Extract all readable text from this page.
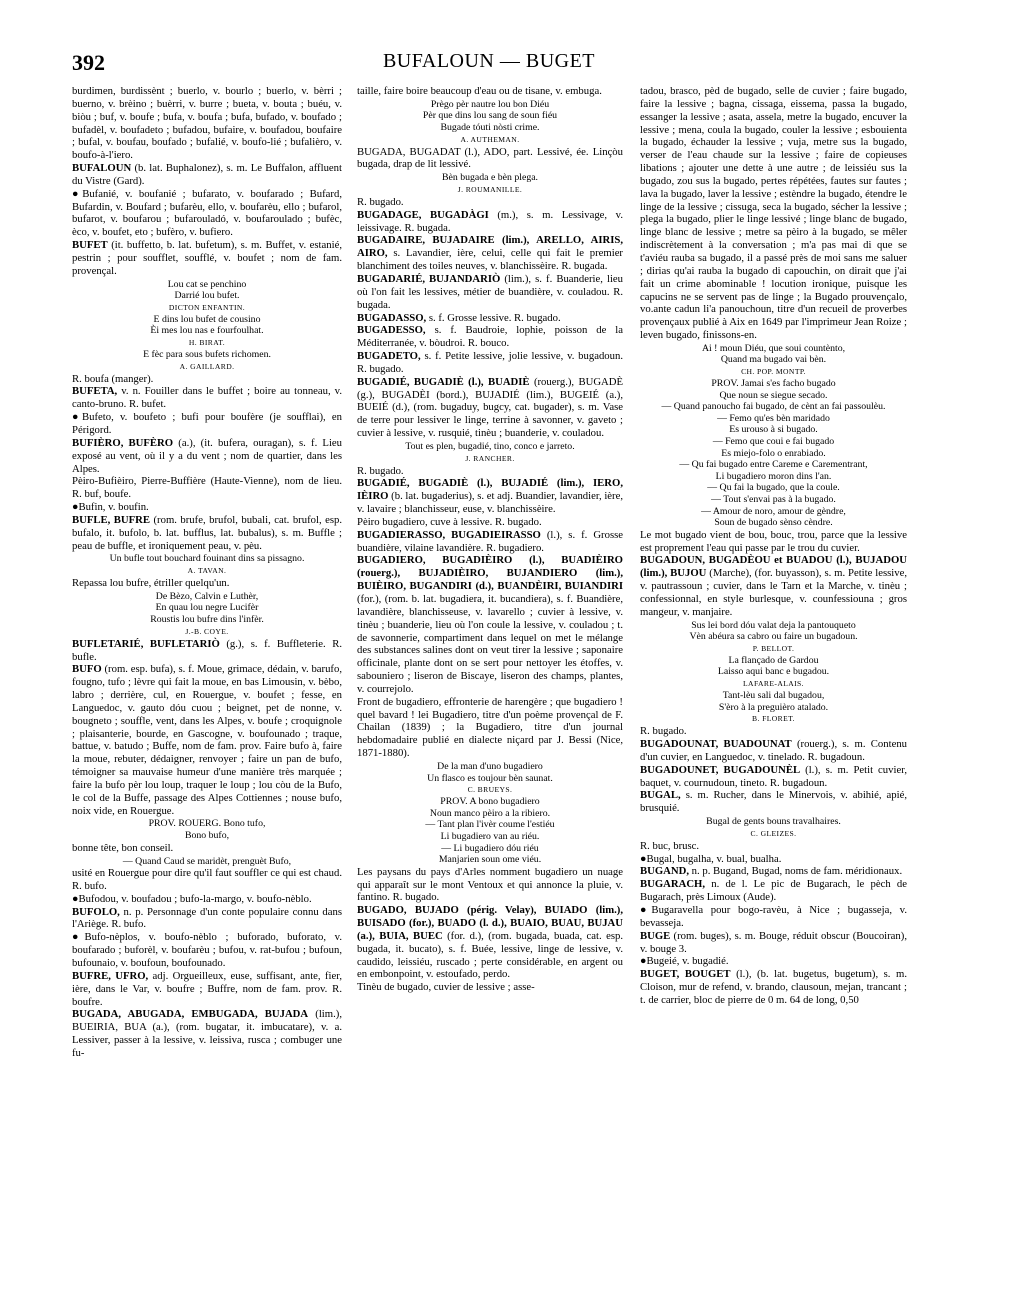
392	BUFALOUN — BUGET

burdimen, burdissènt ; buerlo, v. bourlo ; buerlo, v. bèrri ; buerno, v. brèino ; buèrri, v. burre ; bueta, v. bouta ; buéu, v. biòu ; buf, v. boufe ; bufa, v. boufa ; bufa, bufado, v. boufado ; bufadèl, v. boufadeto ; bufadou, bufaire, v. boufadou, boufaire ; bufal, v. boufau, boufado ; bufalié, v. boufo-lié ; bufalièro, v. boufo-à-l'iero.

BUFALOUN (b. lat. Buphalonez), s. m. Le Buffalon, affluent du Vistre (Gard).

●Bufanié, v. boufanié ; bufarato, v. boufarado ; Bufard, Bufardin, v. Boufard ; bufarèu, ello, v. boufarèu, ello ; bufarol, bufarot, v. boufarou ; bufarouladó, v. boufaroulado ; bufèc, èco, v. boufet, eto ; bufèro, v. bufiero.

BUFET (it. buffetto, b. lat. bufetum), s. m. Buffet, v. estanié, pestrin ; pour soufflet, soufflé, v. boufet ; nom de fam. provençal.

Lou cat se penchino
Darrié lou bufet.
DICTON ENFANTIN.
E dins lou bufet de cousino
Èi mes lou nas e fourfoulhat.
H. BIRAT.
E fèc para sous bufets richomen.
A. GAILLARD.

R. boufa (manger).

BUFETA, v. n. Fouiller dans le buffet ; boire au tonneau, v. canto-bruno. R. bufet.

●Bufeto, v. boufeto ; bufi pour boufère (je soufflai), en Périgord.

BUFIÈRO, BUFÈRO (a.), (it. bufera, ouragan), s. f. Lieu exposé au vent, où il y a du vent ; nom de quartier, dans les Alpes.

Pèiro-Bufièiro, Pierre-Buffière (Haute-Vienne), nom de lieu. R. buf, boufe.

●Bufin, v. boufin.

BUFLE, BUFRE (rom. brufe, brufol, bubali, cat. brufol, esp. bufalo, it. bufolo, b. lat. bufflus, lat. bubalus), s. m. Buffle ; peau de buffle, et ironiquement peau, v. pèu.

Un bufle tout bouchard fouinant dins sa pissagno.
A. TAVAN.

Repassa lou bufre, étriller quelqu'un.

De Bèzo, Calvin e Luthèr,
En quau lou negre Lucifèr
Roustis lou bufre dins l'infèr.
J.-B. COYE.

BUFLETARIÉ, BUFLETARIÒ (g.), s. f. Buffleterie. R. bufle.

BUFO (rom. esp. bufa), s. f. Moue, grimace, dédain, v. barufo, fougno, tufo ; lèvre qui fait la moue, en bas Limousin, v. bèbo, labro ; derrière, cul, en Rouergue, v. boufet ; fesse, en Languedoc, v. gauto dóu cuou ; beignet, pet de nonne, v. bougneto ; souffle, vent, dans les Alpes, v. boufe ; croquignole ; plaisanterie, bourde, en Gascogne, v. boufounado ; traque, battue, v. batudo ; Buffe, nom de fam. prov. Faire bufo à, faire la moue, rebuter, dédaigner, renvoyer ; faire un pan de bufo, témoigner sa mauvaise humeur d'une manière très marquée ; faire la bufo pèr lou loup, traquer le loup ; lou còu de la Bufo, le col de la Buffe, passage des Alpes Cottiennes ; nouse bufo, noix vide, en Rouergue.

PROV. ROUERG. Bono tufo,
Bono bufo,

bonne tête, bon conseil.

— Quand Caud se maridèt, prenguèt Bufo,

usité en Rouergue pour dire qu'il faut souffler ce qui est chaud. R. bufo.

●Bufodou, v. boufadou ; bufo-la-margo, v. boufo-nèblo.

BUFOLO, n. p. Personnage d'un conte populaire connu dans l'Ariège. R. bufo.

●Bufo-nèplos, v. boufo-nèblo ; buforado, buforato, v. boufarado ; buforèl, v. boufarèu ; bufou, v. rat-bufou ; bufoun, bufounaio, v. boufoun, boufounado.

BUFRE, UFRO, adj. Orgueilleux, euse, suffisant, ante, fier, ière, dans le Var, v. boufre ; Buffre, nom de fam. prov. R. boufre.

BUGADA, ABUGADA, EMBUGADA, BUJADA (lim.), BUEIRIA, BUA (a.), (rom. bugatar, it. imbucatare), v. a. Lessiver, passer à la lessive, v. leissiva, rusca ; combuger une fu-

taille, faire boire beaucoup d'eau ou de tisane, v. embuga.

Prègo pèr nautre lou bon Diéu
Pèr que dins lou sang de soun fiéu
Bugade tóuti nòsti crime.
A. AUTHEMAN.

BUGADA, BUGADAT (l.), ADO, part. Lessivé, ée. Linçòu bugada, drap de lit lessivé.

Bèn bugada e bèn plega.
J. ROUMANILLE.

R. bugado.

BUGADAGE, BUGADÀGI (m.), s. m. Lessivage, v. leissivage. R. bugada.

BUGADAIRE, BUJADAIRE (lim.), ARELLO, AIRIS, AIRO, s. Lavandier, ière, celui, celle qui fait le premier blanchiment des toiles neuves, v. blanchissèire. R. bugada.

BUGADARIÉ, BUJANDARIÒ (lim.), s. f. Buanderie, lieu où l'on fait les lessives, métier de buandière, v. couladou. R. bugada.

BUGADASSO, s. f. Grosse lessive. R. bugado.

BUGADESSO, s. f. Baudroie, lophie, poisson de la Méditerranée, v. bòudroi. R. bouco.

BUGADETO, s. f. Petite lessive, jolie lessive, v. bugadoun. R. bugado.

BUGADIÉ, BUGADIÈ (l.), BUADIÈ (rouerg.), BUGADÈ (g.), BUGADÈI (bord.), BUJADIÉ (lim.), BUGEIÉ (a.), BUEIÉ (d.), (rom. bugaduy, bugcy, cat. bugader), s. m. Vase de terre pour lessiver le linge, terrine à savonner, v. gaveto ; cuvier à lessive, v. rusquié, tinèu ; buanderie, v. couladou.

Tout es plen, bugadié, tino, conco e jarreto.
J. RANCHER.

R. bugado.

BUGADIÉ, BUGADIÈ (l.), BUJADIÉ (lim.), IERO, IÈIRO (b. lat. bugaderius), s. et adj. Buandier, lavandier, ière, v. lavaire ; blanchisseur, euse, v. blanchissèire.

Pèiro bugadiero, cuve à lessive. R. bugado.

BUGADIERASSO, BUGADIEIRASSO (l.), s. f. Grosse buandière, vilaine lavandière. R. bugadiero.

BUGADIERO, BUGADIÈIRO (l.), BUADIÈIRO (rouerg.), BUJADIÈIRO, BUJANDIERO (lim.), BUIÈIRO, BUGANDIRI (d.), BUANDÈIRI, BUIANDIRI (for.), (rom. b. lat. bugadiera, it. bucandiera), s. f. Buandière, lavandière, blanchisseuse, v. lavarello ; cuvier à lessive, v. tinèu ; buanderie, lieu où l'on coule la lessive, v. couladou ; t. de savonnerie, compartiment dans lequel on met le mélange des substances salines dont on veut tirer la lessive ; saponaire officinale, plante dont on se sert pour nettoyer les étoffes, v. sabouniero ; liseron de Biscaye, liseron des champs, plantes, v. courrejolo.

Front de bugadiero, effronterie de harengère ; que bugadiero ! quel bavard ! lei Bugadiero, titre d'un poème provençal de F. Chailan (1839) ; la Bugadiero, titre d'un journal hebdomadaire publié en dialecte niçard par J. Bessi (Nice, 1871-1880).

De la man d'uno bugadiero
Un flasco es toujour bèn saunat.
C. BRUEYS.
PROV. A bono bugadiero
Noun manco pèiro a la ribiero.
— Tant plan l'ivèr coume l'estiéu
Li bugadiero van au riéu.
— Li bugadiero dóu riéu
Manjarien soun ome viéu.

Les paysans du pays d'Arles nomment bugadiero un nuage qui apparaît sur le mont Ventoux et qui annonce la pluie, v. fantino. R. bugado.

BUGADO, BUJADO (périg. Velay), BUIADO (lim.), BUISADO (for.), BUADO (l. d.), BUAIO, BUAU, BUJAU (a.), BUIA, BUEC (for. d.), (rom. bugada, buada, cat. esp. bugada, it. bucato), s. f. Buée, lessive, linge de lessive, v. caudido, leissiéu, ruscado ; perte considérable, en argent ou en embonpoint, v. estoufado, perdo.

Tinèu de bugado, cuvier de lessive ; asse-

tadou, brasco, pèd de bugado, selle de cuvier ; faire bugado, faire la lessive ; bagna, cissaga, eissema, passa la bugado, essanger la lessive ; asata, assela, metre la bugado, encuver la lessive ; mena, coula la bugado, couler la lessive ; esbouienta la bugado, échauder la lessive ; vuja, metre sus la bugado, verser de l'eau chaude sur la lessive ; faire de copieuses libations ; ajouter une dette à une autre ; de leissiéu sus la bugado, zou sus la bugado, pertes répétées, fautes sur fautes ; lava la bugado, laver la lessive ; estèndre la bugado, étendre le linge de la lessive ; cissuga, seca la bugado, sécher la lessive ; plega la bugado, plier le linge lessivé ; linge blanc de bugado, linge blanc de lessive ; metre sa pèiro à la bugado, se mêler indiscrètement à la conversation ; m'a pas mai di que se t'aviéu rauba sa bugado, il a passé près de moi sans me saluer ; dirias qu'ai rauba la bugado di capouchin, on dirait que j'ai fait un crime abominable ! locution ironique, puisque les capucins ne se servent pas de linge ; la Bugado prouvençalo, vo.ante cadun li'a panouchoun, titre d'un recueil de proverbes provençaux publié à Aix en 1649 par l'imprimeur Jean Roize ; leven bugado, finissons-en.

Ai ! moun Diéu, que soui countènto,
Quand ma bugado vai bèn.
CH. POP. MONTP.
PROV. Jamai s'es facho bugado
Que noun se siegue secado.
— Quand panoucho fai bugado, de cènt an fai passoulèu.
— Femo qu'es bèn maridado
Es urouso à si bugado.
— Femo que coui e fai bugado
Es miejo-folo o enrabiado.
— Qu fai bugado entre Careme e Carementrant,
Li bugadiero moron dins l'an.
— Qu fai la bugado, que la coule.
— Tout s'envai pas à la bugado.
— Amour de noro, amour de gèndre,
Soun de bugado sènso cèndre.

Le mot bugado vient de bou, bouc, trou, parce que la lessive est proprement l'eau qui passe par le trou du cuvier.

BUGADOUN, BUGADÈOU et BUADOU (l.), BUJADOU (lim.), BUJOU (Marche), (for. buyasson), s. m. Petite lessive, v. pautrassoun ; cuvier, dans le Tarn et la Marche, v. tinèu ; confessionnal, en style burlesque, v. counfessiouna ; gros mangeur, v. manjaire.

Sus lei bord dóu valat deja la pantouqueto
Vèn abéura sa cabro ou faire un bugadoun.
P. BELLOT.
La flançado de Gardou
Laisso aqui banc e bugadou.
LAFARE-ALAIS.
Tant-lèu sali dal bugadou,
S'èro à la preguièro atalado.
B. FLORET.

R. bugado.

BUGADOUNAT, BUADOUNAT (rouerg.), s. m. Contenu d'un cuvier, en Languedoc, v. tinelado. R. bugadoun.

BUGADOUNET, BUGADOUNÈL (l.), s. m. Petit cuvier, baquet, v. cournudoun, tineto. R. bugadoun.

BUGAL, s. m. Rucher, dans le Minervois, v. abihié, apié, brusquié.

Bugal de gents bouns travalhaires.
C. GLEIZES.

R. buc, brusc.

●Bugal, bugalha, v. bual, bualha.

BUGAND, n. p. Bugand, Bugad, noms de fam. méridionaux.

BUGARACH, n. de l. Le pic de Bugarach, le pèch de Bugarach, près Limoux (Aude).

●Bugaravella pour bogo-ravèu, à Nice ; bugasseja, v. bevasseja.

BUGE (rom. buges), s. m. Bouge, réduit obscur (Boucoiran), v. bouge 3.

●Bugeié, v. bugadié.

BUGET, BOUGET (l.), (b. lat. bugetus, bugetum), s. m. Cloison, mur de refend, v. brando, clausoun, mejan, trancant ; t. de carrier, bloc de pierre de 0 m. 64 de long, 0,50
